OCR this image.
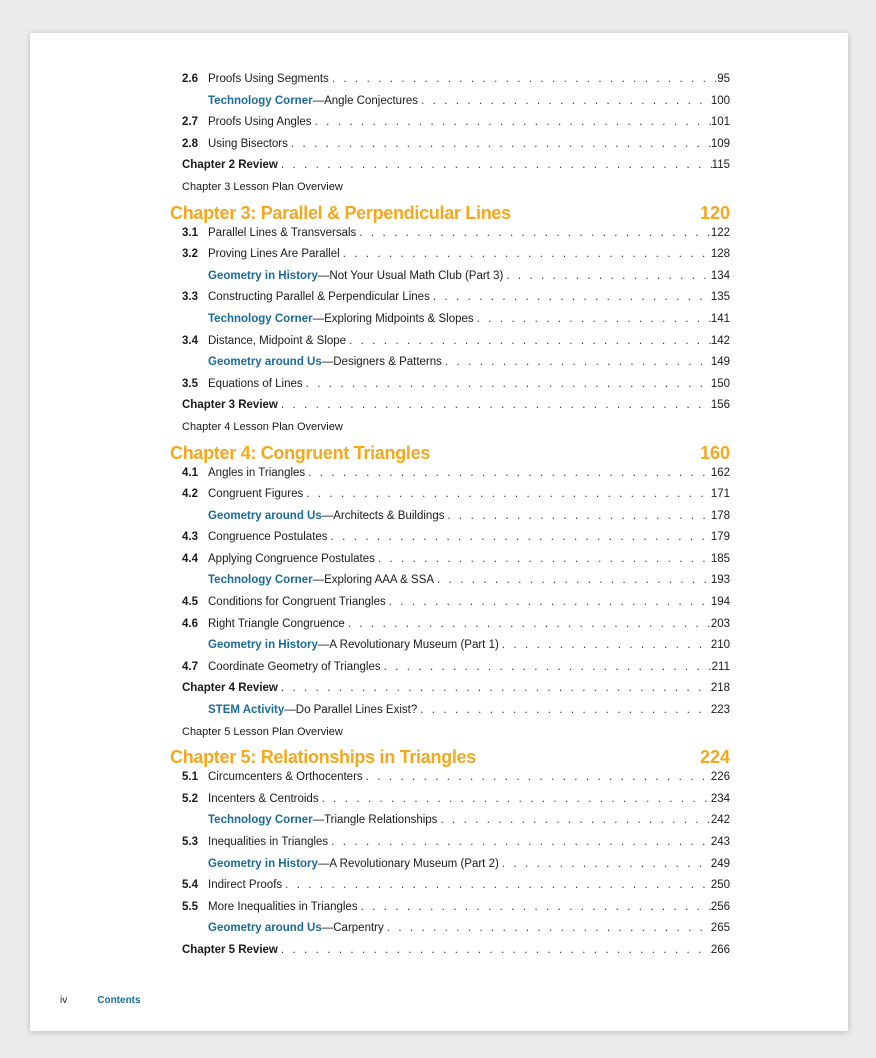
2.6 Proofs Using Segments . . .	95
Technology Corner—Angle Conjectures . . .	100
2.7 Proofs Using Angles . . .	101
2.8 Using Bisectors . . .	109
Chapter 2 Review . . .	115
Chapter 3 Lesson Plan Overview
Chapter 3: Parallel & Perpendicular Lines	120
3.1 Parallel Lines & Transversals . . .	122
3.2 Proving Lines Are Parallel . . .	128
Geometry in History—Not Your Usual Math Club (Part 3) . . .	134
3.3 Constructing Parallel & Perpendicular Lines . . .	135
Technology Corner—Exploring Midpoints & Slopes . . .	141
3.4 Distance, Midpoint & Slope . . .	142
Geometry around Us—Designers & Patterns . . .	149
3.5 Equations of Lines . . .	150
Chapter 3 Review . . .	156
Chapter 4 Lesson Plan Overview
Chapter 4: Congruent Triangles	160
4.1 Angles in Triangles . . .	162
4.2 Congruent Figures . . .	171
Geometry around Us—Architects & Buildings . . .	178
4.3 Congruence Postulates . . .	179
4.4 Applying Congruence Postulates . . .	185
Technology Corner—Exploring AAA & SSA . . .	193
4.5 Conditions for Congruent Triangles . . .	194
4.6 Right Triangle Congruence . . .	203
Geometry in History—A Revolutionary Museum (Part 1) . . .	210
4.7 Coordinate Geometry of Triangles . . .	211
Chapter 4 Review . . .	218
STEM Activity—Do Parallel Lines Exist? . . .	223
Chapter 5 Lesson Plan Overview
Chapter 5: Relationships in Triangles	224
5.1 Circumcenters & Orthocenters . . .	226
5.2 Incenters & Centroids . . .	234
Technology Corner—Triangle Relationships . . .	242
5.3 Inequalities in Triangles . . .	243
Geometry in History—A Revolutionary Museum (Part 2) . . .	249
5.4 Indirect Proofs . . .	250
5.5 More Inequalities in Triangles . . .	256
Geometry around Us—Carpentry . . .	265
Chapter 5 Review . . .	266
iv	Contents
